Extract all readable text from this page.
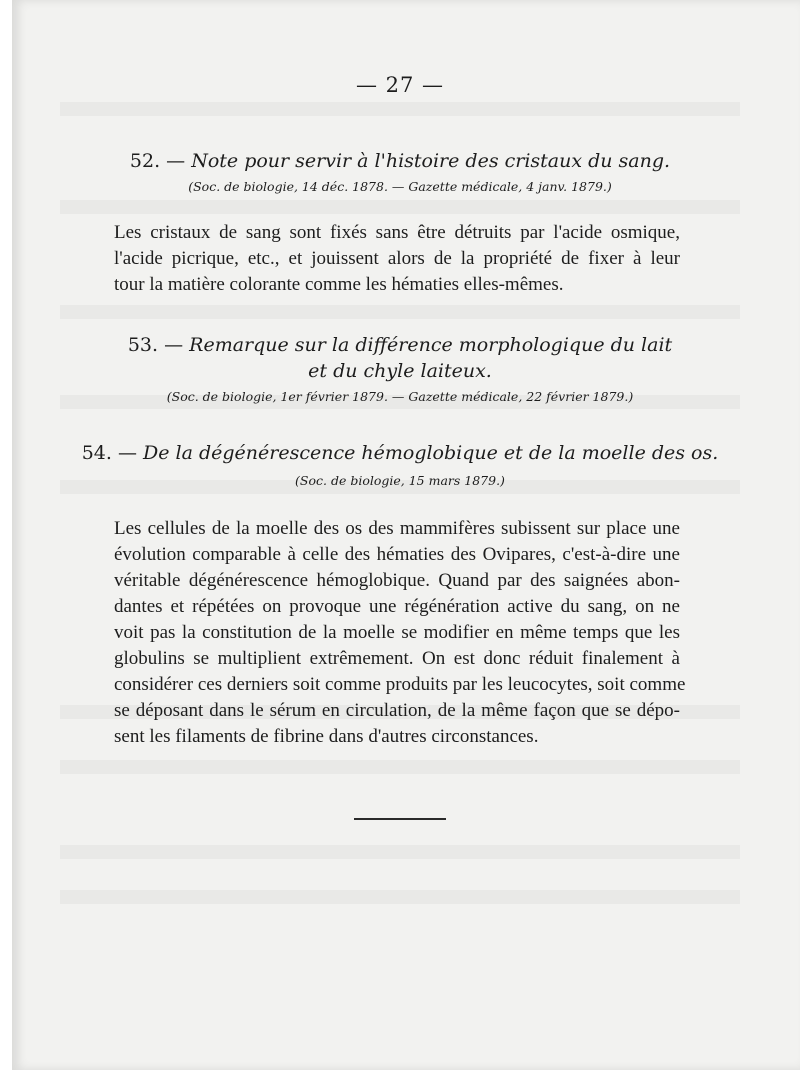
— 27 —
52. — Note pour servir à l'histoire des cristaux du sang.
(Soc. de biologie, 14 déc. 1878. — Gazette médicale, 4 janv. 1879.)
Les cristaux de sang sont fixés sans être détruits par l'acide osmique,
l'acide picrique, etc., et jouissent alors de la propriété de fixer à leur
tour la matière colorante comme les hématies elles-mêmes.
53. — Remarque sur la différence morphologique du lait
et du chyle laiteux.
(Soc. de biologie, 1er février 1879. — Gazette médicale, 22 février 1879.)
54. — De la dégénérescence hémoglobique et de la moelle des os.
(Soc. de biologie, 15 mars 1879.)
Les cellules de la moelle des os des mammifères subissent sur place une
évolution comparable à celle des hématies des Ovipares, c'est-à-dire une
véritable dégénérescence hémoglobique. Quand par des saignées abon-
dantes et répétées on provoque une régénération active du sang, on ne
voit pas la constitution de la moelle se modifier en même temps que les
globulins se multiplient extrêmement. On est donc réduit finalement à
considérer ces derniers soit comme produits par les leucocytes, soit comme
se déposant dans le sérum en circulation, de la même façon que se dépo-
sent les filaments de fibrine dans d'autres circonstances.
